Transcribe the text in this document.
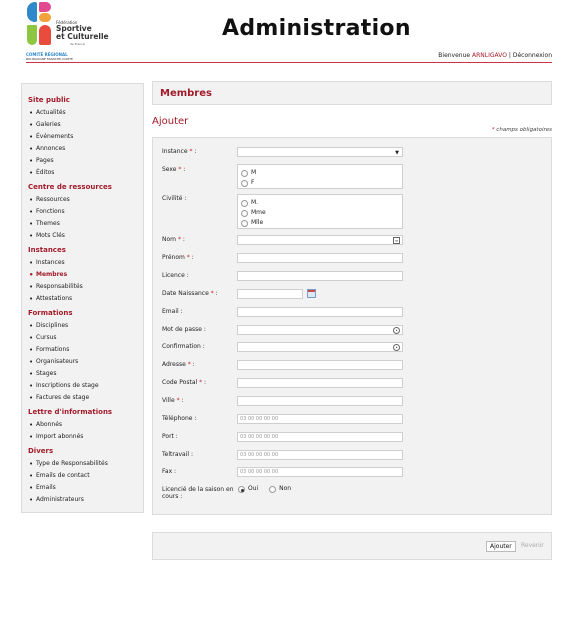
Fédération
Sportive
et Culturelle
de France
COMITÉ RÉGIONAL
BOURGOGNE FRANCHE-COMTÉ
Administration
Bienvenue ARNLIGAVO | Déconnexion
Site public
• Actualités
• Galeries
• Événements
• Annonces
• Pages
• Éditos
Centre de ressources
• Ressources
• Fonctions
• Themes
• Mots Clés
Instances
• Instances
• Membres
• Responsabilités
• Attestations
Formations
• Disciplines
• Cursus
• Formations
• Organisateurs
• Stages
• Inscriptions de stage
• Factures de stage
Lettre d'informations
• Abonnés
• Import abonnés
Divers
• Type de Responsabilités
• Emails de contact
• Emails
• Administrateurs
Membres
Ajouter
* champs obligatoires
Instance * :	▼
Sexe * :	M
F
Civilité :
M.
Mme
Mlle
Nom * :	≡
Prénom * :
Licence :
Date Naissance * :
Email :
Mot de passe :	•
Confirmation :	•
Adresse * :
Code Postal * :
Ville * :
Téléphone :	03 00 00 00 00
Port :	03 00 00 00 00
Teltravail :	03 00 00 00 00
Fax :	03 00 00 00 00
Licencié de la saison en cours :
Oui	Non
Ajouter	Revenir
